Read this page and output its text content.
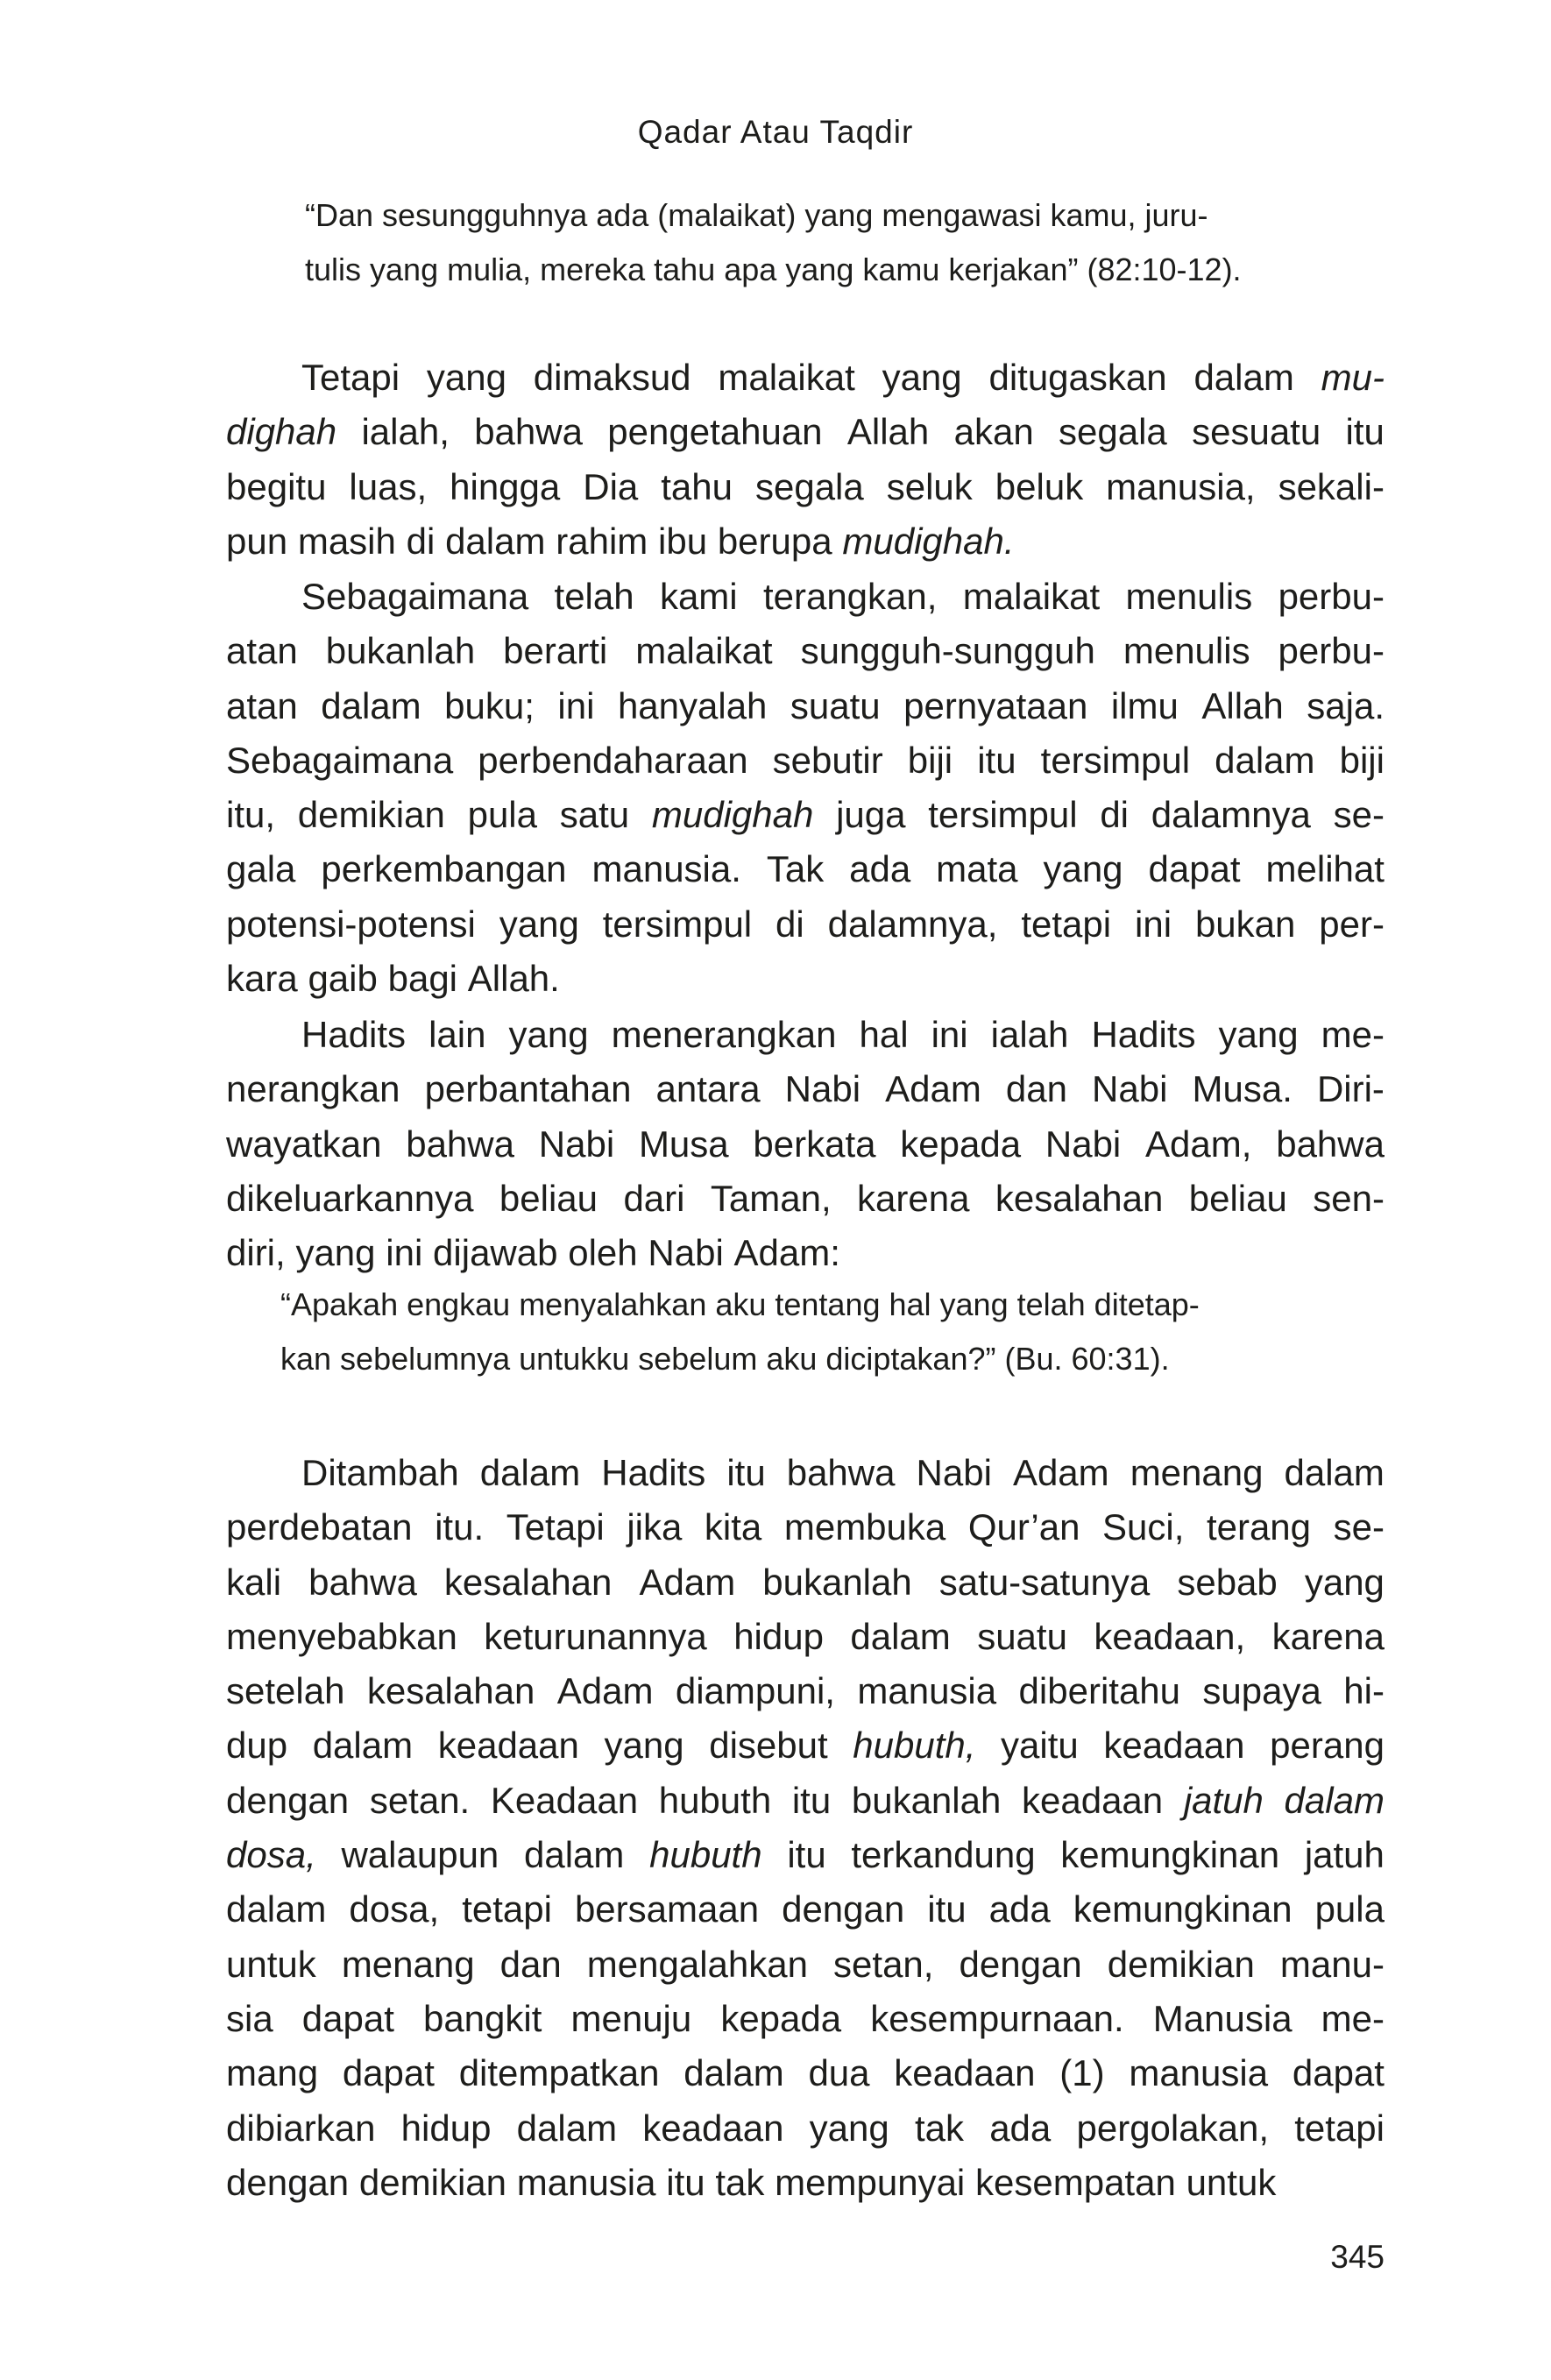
Qadar Atau Taqdir
“Dan sesungguhnya ada (malaikat) yang mengawasi kamu, juru-
tulis yang mulia, mereka tahu apa yang kamu kerjakan” (82:10-12).
Tetapi yang dimaksud malaikat yang ditugaskan dalam mu-
dighah ialah, bahwa pengetahuan Allah akan segala sesuatu itu
begitu luas, hingga Dia tahu segala seluk beluk manusia, sekali-
pun masih di dalam rahim ibu berupa mudighah.
Sebagaimana telah kami terangkan, malaikat menulis perbu-
atan bukanlah berarti malaikat sungguh-sungguh menulis perbu-
atan dalam buku; ini hanyalah suatu pernyataan ilmu Allah saja.
Sebagaimana perbendaharaan sebutir biji itu tersimpul dalam biji
itu, demikian pula satu mudighah juga tersimpul di dalamnya se-
gala perkembangan manusia. Tak ada mata yang dapat melihat
potensi-potensi yang tersimpul di dalamnya, tetapi ini bukan per-
kara gaib bagi Allah.
Hadits lain yang menerangkan hal ini ialah Hadits yang me-
nerangkan perbantahan antara Nabi Adam dan Nabi Musa. Diri-
wayatkan bahwa Nabi Musa berkata kepada Nabi Adam, bahwa
dikeluarkannya beliau dari Taman, karena kesalahan beliau sen-
diri, yang ini dijawab oleh Nabi Adam:
“Apakah engkau menyalahkan aku tentang hal yang telah ditetap-
kan sebelumnya untukku sebelum aku diciptakan?” (Bu. 60:31).
Ditambah dalam Hadits itu bahwa Nabi Adam menang dalam
perdebatan itu. Tetapi jika kita membuka Qur’an Suci, terang se-
kali bahwa kesalahan Adam bukanlah satu-satunya sebab yang
menyebabkan keturunannya hidup dalam suatu keadaan, karena
setelah kesalahan Adam diampuni, manusia diberitahu supaya hi-
dup dalam keadaan yang disebut hubuth, yaitu keadaan perang
dengan setan. Keadaan hubuth itu bukanlah keadaan jatuh dalam
dosa, walaupun dalam hubuth itu terkandung kemungkinan jatuh
dalam dosa, tetapi bersamaan dengan itu ada kemungkinan pula
untuk menang dan mengalahkan setan, dengan demikian manu-
sia dapat bangkit menuju kepada kesempurnaan. Manusia me-
mang dapat ditempatkan dalam dua keadaan (1) manusia dapat
dibiarkan hidup dalam keadaan yang tak ada pergolakan, tetapi
dengan demikian manusia itu tak mempunyai kesempatan untuk
345
